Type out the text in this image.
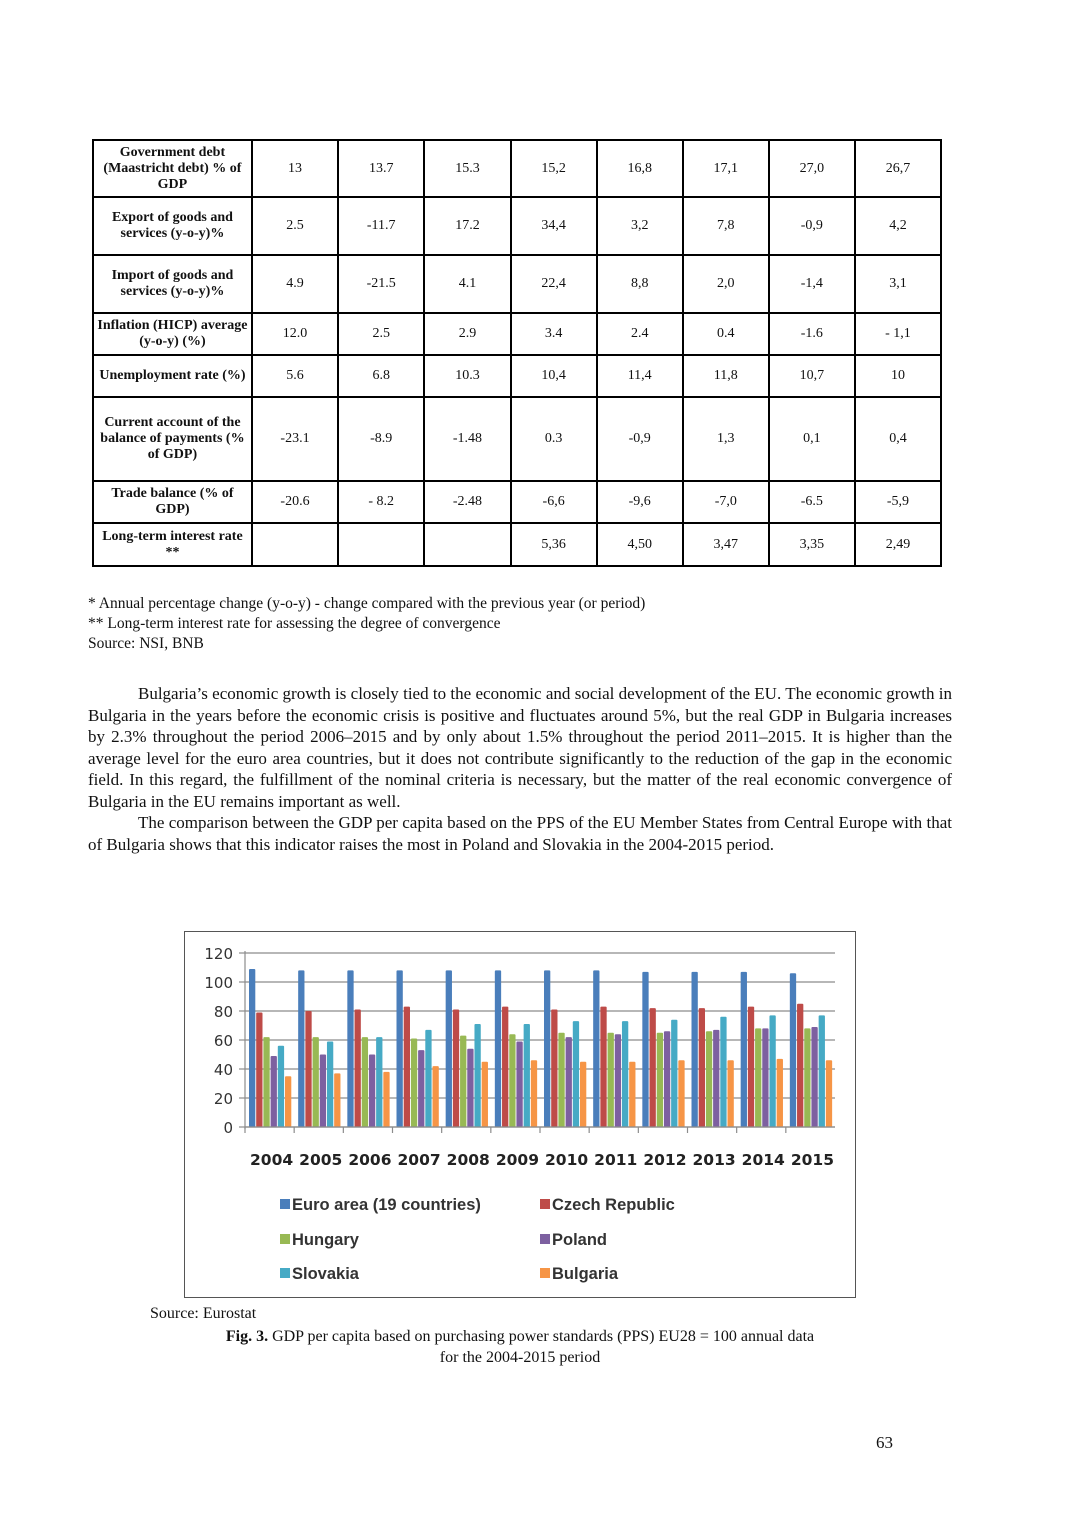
Government debt (Maastricht debt) % of GDP	13	13.7	15.3	15,2	16,8	17,1	27,0	26,7
Export of goods and services (y-o-y)%	2.5	-11.7	17.2	34,4	3,2	7,8	-0,9	4,2
Import of goods and services (y-o-y)%	4.9	-21.5	4.1	22,4	8,8	2,0	-1,4	3,1
Inflation (HICP) average (y-o-y) (%)	12.0	2.5	2.9	3.4	2.4	0.4	-1.6	- 1,1
Unemployment rate (%)	5.6	6.8	10.3	10,4	11,4	11,8	10,7	10
Current account of the balance of payments (% of GDP)	-23.1	-8.9	-1.48	0.3	-0,9	1,3	0,1	0,4
Trade balance (% of GDP)	-20.6	- 8.2	-2.48	-6,6	-9,6	-7,0	-6.5	-5,9
Long-term interest rate **				5,36	4,50	3,47	3,35	2,49
* Annual percentage change (y-o-y) - change compared with the previous year (or period)
** Long-term interest rate for assessing the degree of convergence
Source: NSI, BNB

Bulgaria’s economic growth is closely tied to the economic and social development of the EU. The economic growth in Bulgaria in the years before the economic crisis is positive and fluctuates around 5%, but the real GDP in Bulgaria increases by 2.3% throughout the period 2006–2015 and by only about 1.5% throughout the period 2011–2015. It is higher than the average level for the euro area countries, but it does not contribute significantly to the reduction of the gap in the economic field. In this regard, the fulfillment of the nominal criteria is necessary, but the matter of the real economic convergence of Bulgaria in the EU remains important as well.

The comparison between the GDP per capita based on the PPS of the EU Member States from Central Europe with that of Bulgaria shows that this indicator raises the most in Poland and Slovakia in the 2004-2015 period.

0
20
40
60
80
100
120
2004 2005 2006 2007 2008 2009 2010 2011 2012 2013 2014 2015
Euro area (19 countries)	Czech Republic
Hungary	Poland
Slovakia	Bulgaria
Source: Eurostat
Fig. 3. GDP per capita based on purchasing power standards (PPS) EU28 = 100 annual data
for the 2004-2015 period
63
